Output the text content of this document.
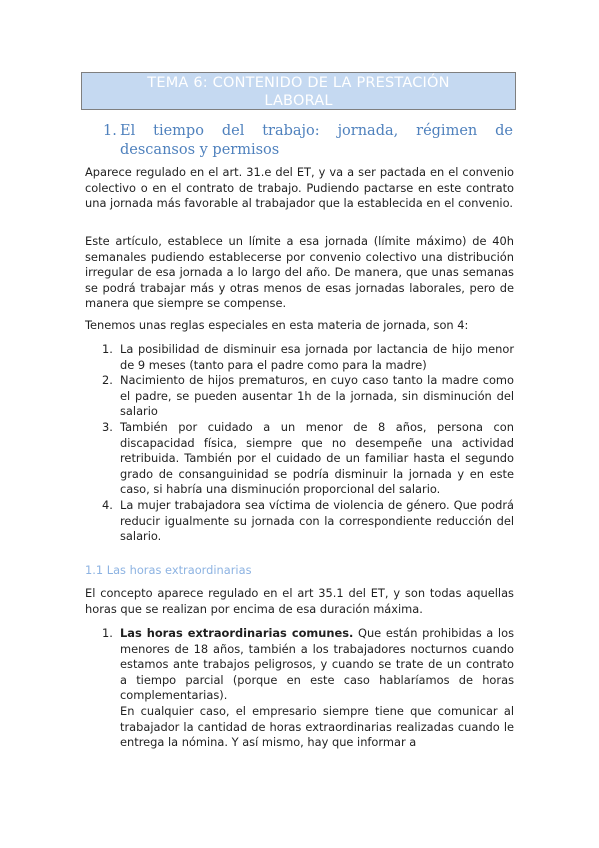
TEMA 6: CONTENIDO DE LA PRESTACIÓN
LABORAL
1. El tiempo del trabajo: jornada, régimen de
descansos y permisos

Aparece regulado en el art. 31.e del ET, y va a ser pactada en el convenio colectivo o en el contrato de trabajo. Pudiendo pactarse en este contrato una jornada más favorable al trabajador que la establecida en el convenio.

Este artículo, establece un límite a esa jornada (límite máximo) de 40h semanales pudiendo establecerse por convenio colectivo una distribución irregular de esa jornada a lo largo del año. De manera, que unas semanas se podrá trabajar más y otras menos de esas jornadas laborales, pero de manera que siempre se compense.

Tenemos unas reglas especiales en esta materia de jornada, son 4:

1. La posibilidad de disminuir esa jornada por lactancia de hijo menor de 9 meses (tanto para el padre como para la madre)

2. Nacimiento de hijos prematuros, en cuyo caso tanto la madre como el padre, se pueden ausentar 1h de la jornada, sin disminución del salario

3. También por cuidado a un menor de 8 años, persona con discapacidad física, siempre que no desempeñe una actividad retribuida. También por el cuidado de un familiar hasta el segundo grado de consanguinidad se podría disminuir la jornada y en este caso, si habría una disminución proporcional del salario.

4. La mujer trabajadora sea víctima de violencia de género. Que podrá reducir igualmente su jornada con la correspondiente reducción del salario.

1.1 Las horas extraordinarias

El concepto aparece regulado en el art 35.1 del ET, y son todas aquellas horas que se realizan por encima de esa duración máxima.

1. Las horas extraordinarias comunes. Que están prohibidas a los menores de 18 años, también a los trabajadores nocturnos cuando estamos ante trabajos peligrosos, y cuando se trate de un contrato a tiempo parcial (porque en este caso hablaríamos de horas complementarias).
En cualquier caso, el empresario siempre tiene que comunicar al trabajador la cantidad de horas extraordinarias realizadas cuando le entrega la nómina. Y así mismo, hay que informar a
